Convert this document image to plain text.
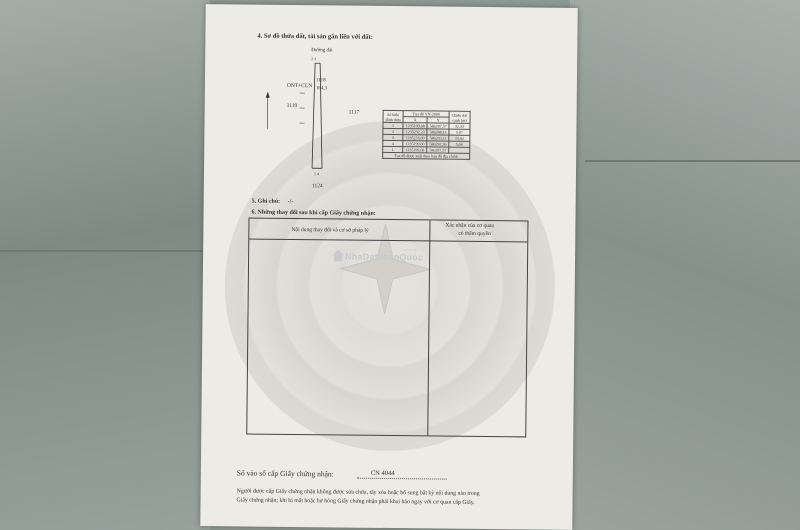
4. Sơ đồ thửa đất, tài sản gắn liền với đất:
Đường đất
2 3
ONT+CLN
1118
164,3
1119
1117
1 4
1124
Số hiệu
đỉnh thửa	Tọa độ VN-2000		Chiều dài
cạnh (m)
	X	Y	
1	1235199,68	586287,57	32,33
2	1235232,23	586288,11	5,07
3	1235233,00	586293,11	33,92
4	1235199,00	586292,36	5,04
1	1235199,68	586287,57	
Tọa độ được xuất theo bản đồ địa chính			
5. Ghi chú: -/-
6. Những thay đổi sau khi cấp Giấy chứng nhận:
Nội dung thay đổi và cơ sở pháp lý
Xác nhận của cơ quan
có thẩm quyền
NhaDatToanQuoc
.com.vn
Số vào sổ cấp Giấy chứng nhận:	CN 4044
Người được cấp Giấy chứng nhận không được sửa chữa, tẩy xóa hoặc bổ sung bất kỳ nội dung nào trong
Giấy chứng nhận; khi bị mất hoặc hư hỏng Giấy chứng nhận phải khai báo ngay với cơ quan cấp Giấy.
